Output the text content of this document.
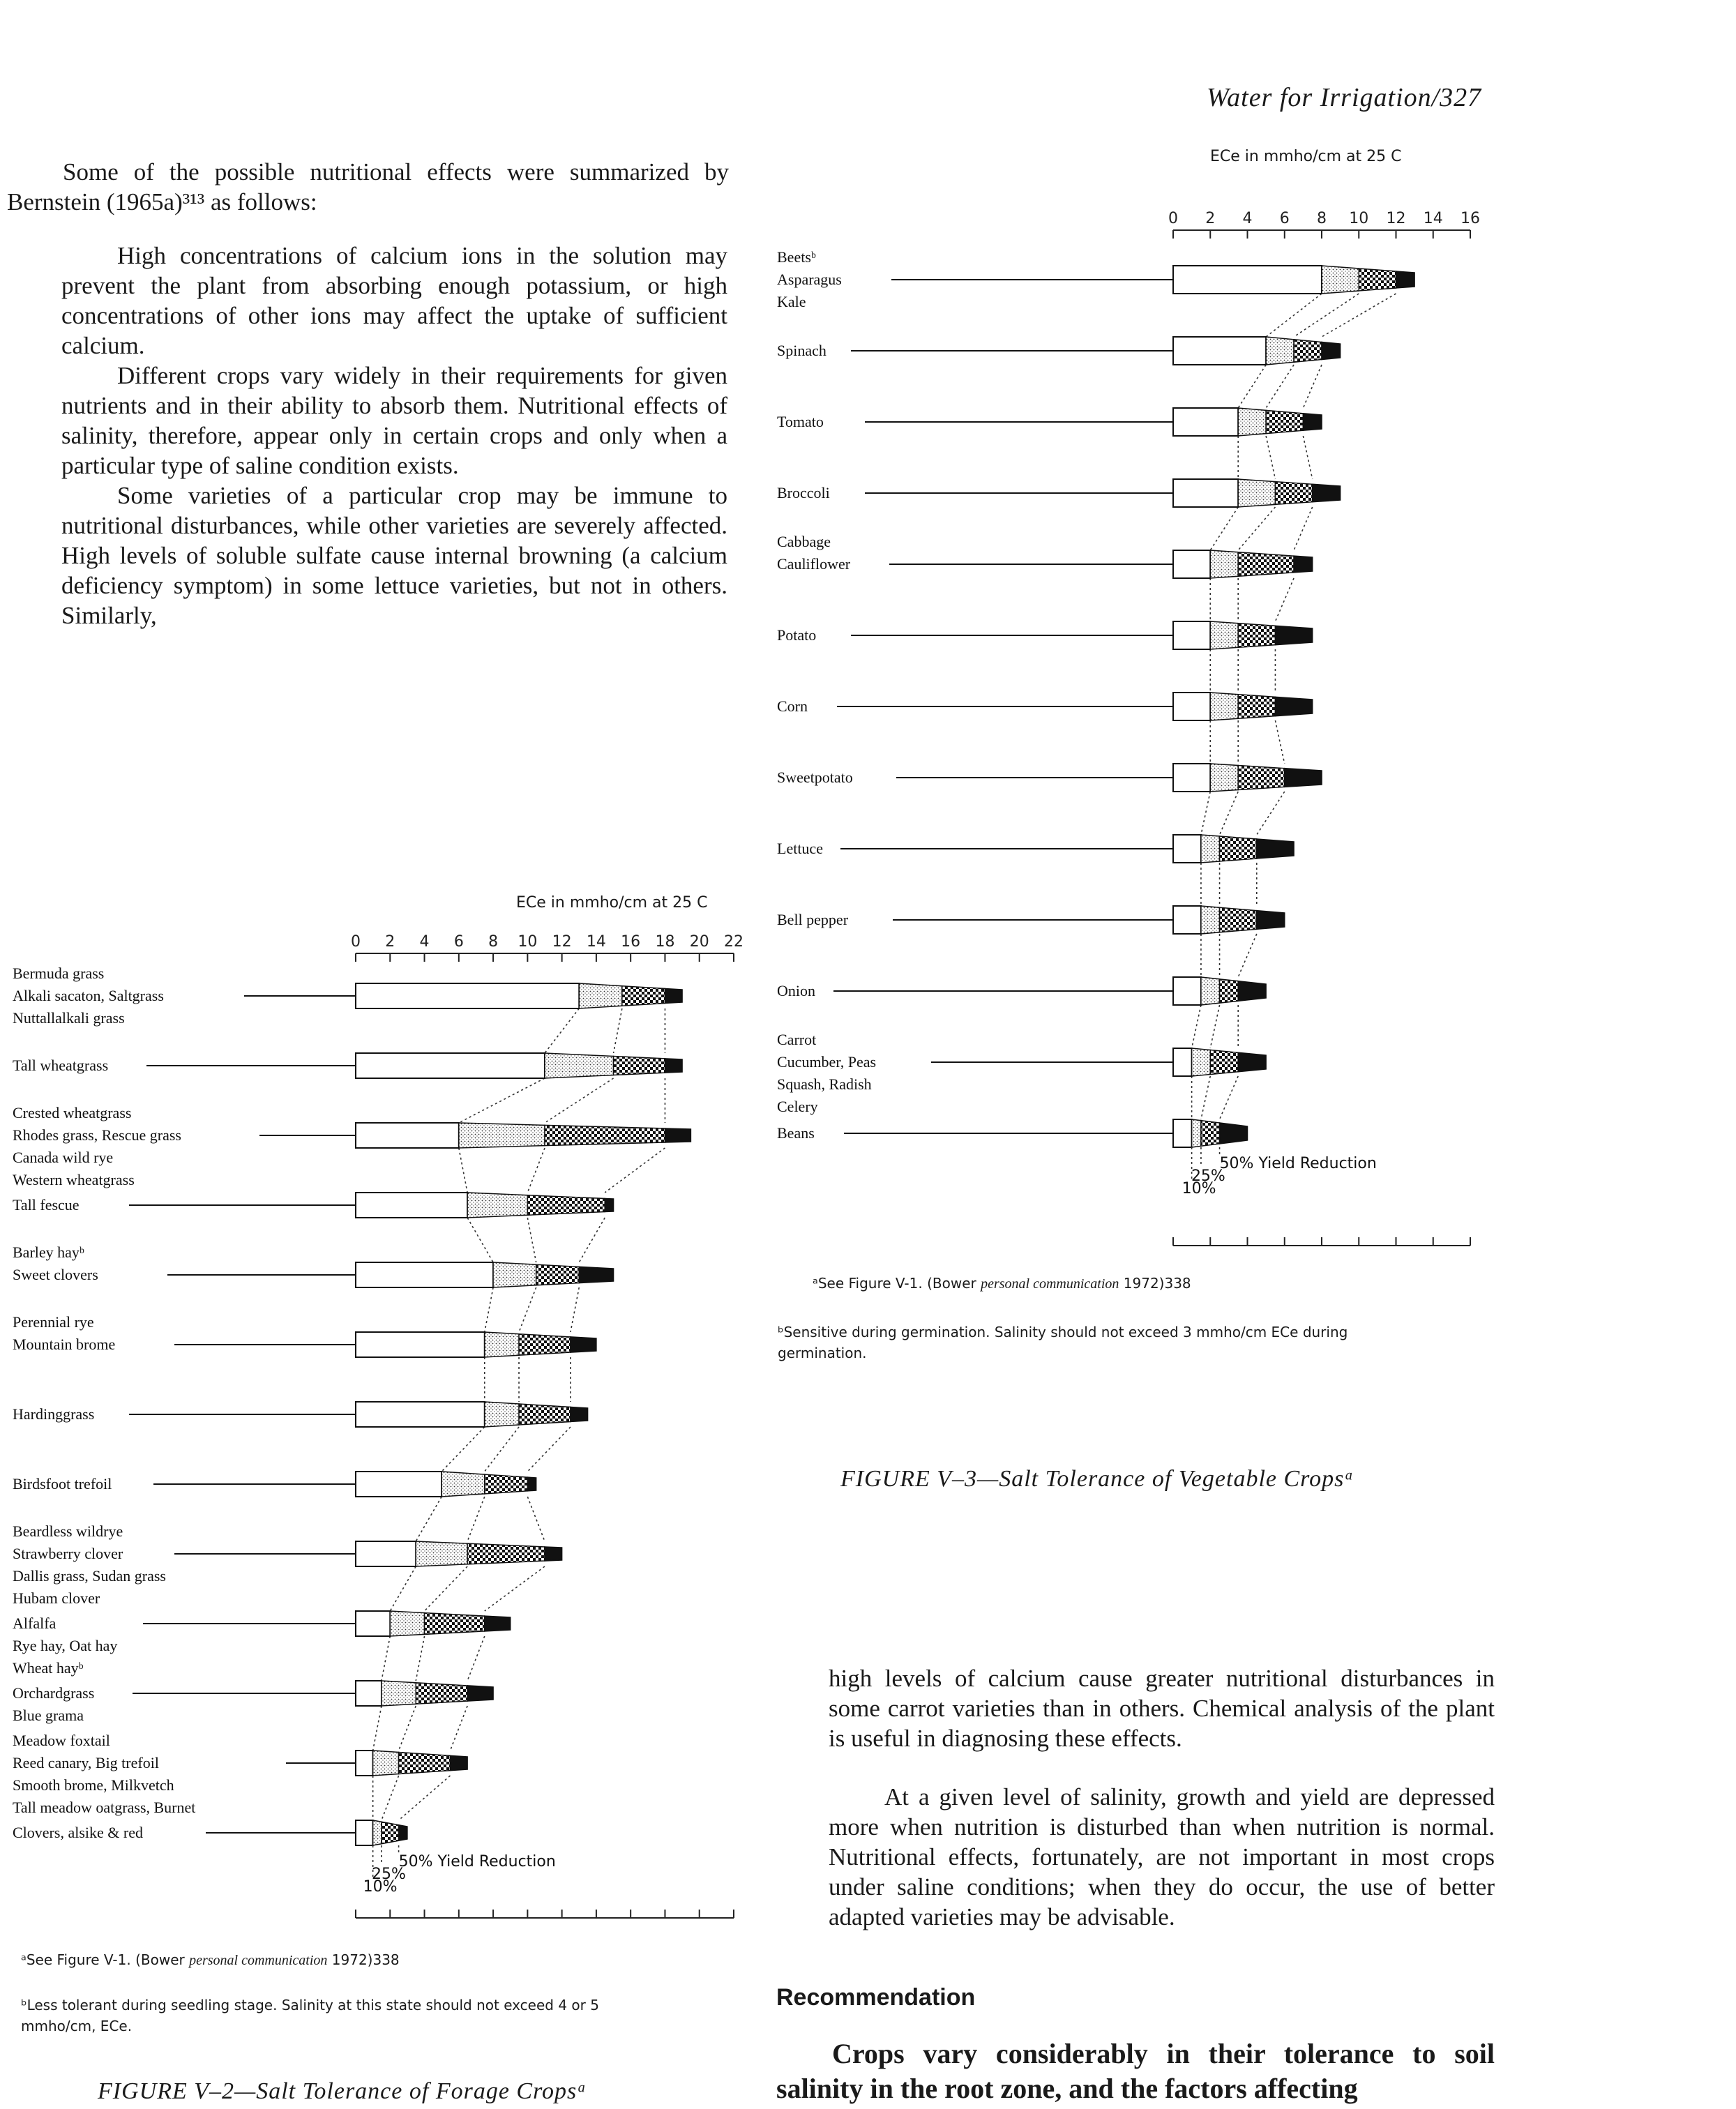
Water for Irrigation/327
Some of the possible nutritional effects were summarized by Bernstein (1965a)³¹³ as follows:
High concentrations of calcium ions in the solution may prevent the plant from absorbing enough potassium, or high concentrations of other ions may affect the uptake of sufficient calcium.
Different crops vary widely in their requirements for given nutrients and in their ability to absorb them. Nutritional effects of salinity, therefore, appear only in certain crops and only when a particular type of saline condition exists.
Some varieties of a particular crop may be immune to nutritional disturbances, while other varieties are severely affected. High levels of soluble sulfate cause internal browning (a calcium deficiency symptom) in some lettuce varieties, but not in others. Similarly,
ECe in mmho/cm at 25 C
0 2 4 6 8 10 12 14 16 18 20 22
Bermuda grass
Alkali sacaton, Saltgrass
Nuttallalkali grass
Tall wheatgrass
Crested wheatgrass
Rhodes grass, Rescue grass
Canada wild rye
Western wheatgrass
Tall fescue
Barley hayᵇ
Sweet clovers
Perennial rye
Mountain brome
Hardinggrass
Birdsfoot trefoil
Beardless wildrye
Strawberry clover
Dallis grass, Sudan grass
Hubam clover
Alfalfa
Rye hay, Oat hay
Wheat hayᵇ
Orchardgrass
Blue grama
Meadow foxtail
Reed canary, Big trefoil
Smooth brome, Milkvetch
Tall meadow oatgrass, Burnet
Clovers, alsike & red
50% Yield Reduction
25%
10%
ᵃSee Figure V-1. (Bower personal communication 1972)338
ᵇLess tolerant during seedling stage. Salinity at this state should not exceed 4 or 5 mmho/cm, ECe.
FIGURE V–2—Salt Tolerance of Forage Cropsᵃ
ECe in mmho/cm at 25 C
0 2 4 6 8 10 12 14 16
Beetsᵇ
Asparagus
Kale
Spinach
Tomato
Broccoli
Cabbage
Cauliflower
Potato
Corn
Sweetpotato
Lettuce
Bell pepper
Onion
Carrot
Cucumber, Peas
Squash, Radish
Celery
Beans
50% Yield Reduction
25%
10%
ᵃSee Figure V-1. (Bower personal communication 1972)338
ᵇSensitive during germination. Salinity should not exceed 3 mmho/cm ECe during germination.
FIGURE V–3—Salt Tolerance of Vegetable Cropsᵃ
high levels of calcium cause greater nutritional disturbances in some carrot varieties than in others. Chemical analysis of the plant is useful in diagnosing these effects.
At a given level of salinity, growth and yield are depressed more when nutrition is disturbed than when nutrition is normal. Nutritional effects, fortunately, are not important in most crops under saline conditions; when they do occur, the use of better adapted varieties may be advisable.
Recommendation
Crops vary considerably in their tolerance to soil salinity in the root zone, and the factors affecting
